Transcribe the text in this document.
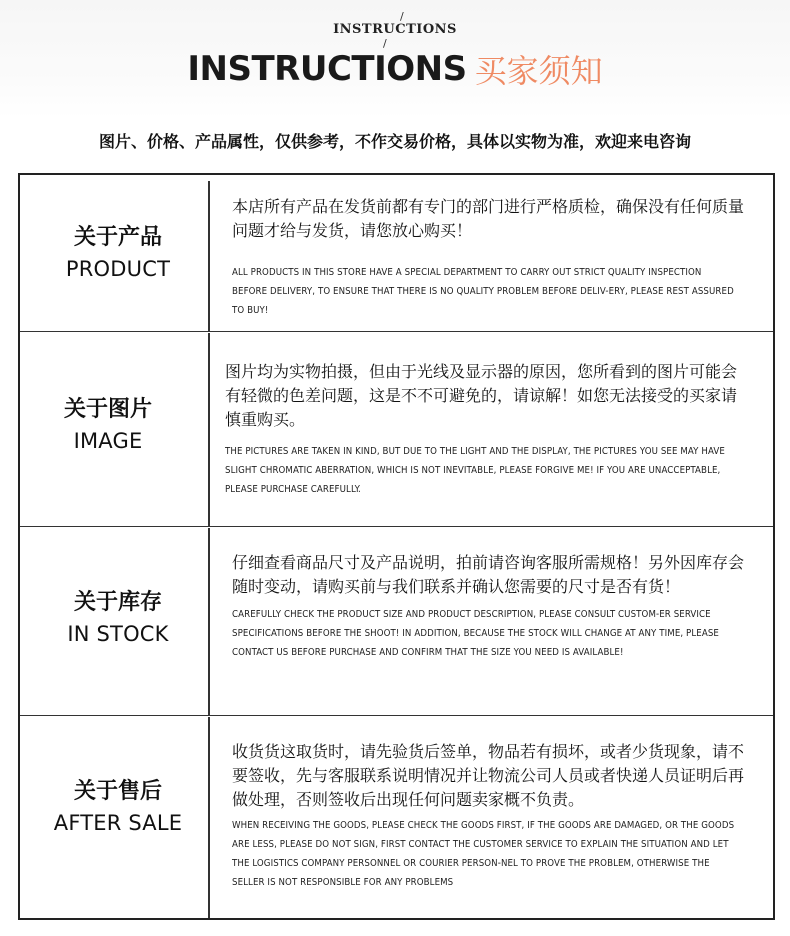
/
INSTRUCTIONS
/
INSTRUCTIONS 买家须知
图片、价格、产品属性，仅供参考，不作交易价格，具体以实物为准，欢迎来电咨询
关于产品
PRODUCT
本店所有产品在发货前都有专门的部门进行严格质检，确保没有任何质量问题才给与发货，请您放心购买！
ALL PRODUCTS IN THIS STORE HAVE A SPECIAL DEPARTMENT TO CARRY OUT STRICT QUALITY INSPECTION BEFORE DELIVERY, TO ENSURE THAT THERE IS NO QUALITY PROBLEM BEFORE DELIV-ERY, PLEASE REST ASSURED TO BUY!
关于图片
IMAGE
图片均为实物拍摄，但由于光线及显示器的原因，您所看到的图片可能会有轻微的色差问题，这是不不可避免的，请谅解！如您无法接受的买家请慎重购买。
THE PICTURES ARE TAKEN IN KIND, BUT DUE TO THE LIGHT AND THE DISPLAY, THE PICTURES YOU SEE MAY HAVE SLIGHT CHROMATIC ABERRATION, WHICH IS NOT INEVITABLE, PLEASE FORGIVE ME! IF YOU ARE UNACCEPTABLE, PLEASE PURCHASE CAREFULLY.
关于库存
IN STOCK
仔细查看商品尺寸及产品说明，拍前请咨询客服所需规格！另外因库存会随时变动，请购买前与我们联系并确认您需要的尺寸是否有货！
CAREFULLY CHECK THE PRODUCT SIZE AND PRODUCT DESCRIPTION, PLEASE CONSULT CUSTOM-ER SERVICE SPECIFICATIONS BEFORE THE SHOOT! IN ADDITION, BECAUSE THE STOCK WILL CHANGE AT ANY TIME, PLEASE CONTACT US BEFORE PURCHASE AND CONFIRM THAT THE SIZE YOU NEED IS AVAILABLE!
关于售后
AFTER SALE
收货货这取货时，请先验货后签单，物品若有损坏，或者少货现象，请不要签收，先与客服联系说明情况并让物流公司人员或者快递人员证明后再做处理，否则签收后出现任何问题卖家概不负责。
WHEN RECEIVING THE GOODS, PLEASE CHECK THE GOODS FIRST, IF THE GOODS ARE DAMAGED, OR THE GOODS ARE LESS, PLEASE DO NOT SIGN, FIRST CONTACT THE CUSTOMER SERVICE TO EXPLAIN THE SITUATION AND LET THE LOGISTICS COMPANY PERSONNEL OR COURIER PERSON-NEL TO PROVE THE PROBLEM, OTHERWISE THE SELLER IS NOT RESPONSIBLE FOR ANY PROBLEMS
